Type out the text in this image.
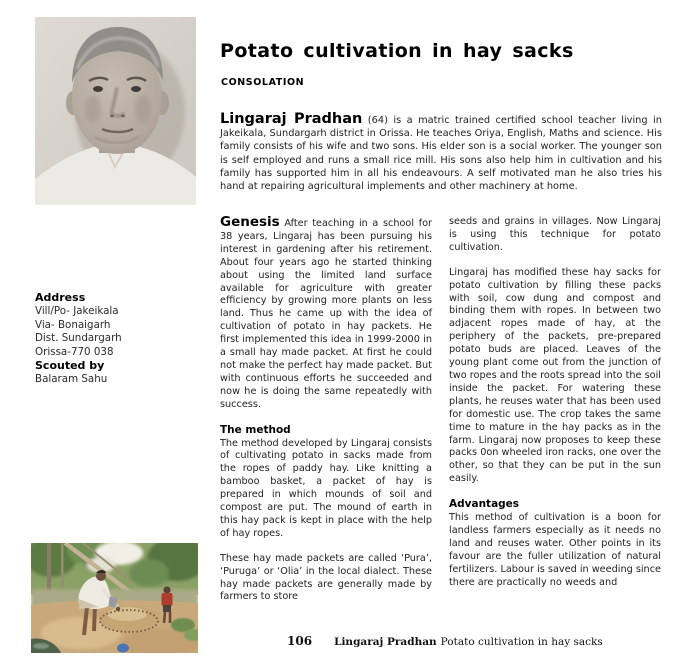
Address
Vill/Po- Jakeikala
Via- Bonaigarh
Dist. Sundargarh
Orissa-770 038
Scouted by
Balaram Sahu
Potato cultivation in hay sacks
CONSOLATION

Lingaraj Pradhan (64) is a matric trained certified school teacher living in Jakeikala, Sundargarh district in Orissa. He teaches Oriya, English, Maths and science. His family consists of his wife and two sons. His elder son is a social worker. The younger son is self employed and runs a small rice mill. His sons also help him in cultivation and his family has supported him in all his endeavours. A self motivated man he also tries his hand at repairing agricultural implements and other machinery at home.

Genesis After teaching in a school for 38 years, Lingaraj has been pursuing his interest in gardening after his retirement. About four years ago he started thinking about using the limited land surface available for agriculture with greater efficiency by growing more plants on less land. Thus he came up with the idea of cultivation of potato in hay packets. He first implemented this idea in 1999-2000 in a small hay made packet. At first he could not make the perfect hay made packet. But with continuous efforts he succeeded and now he is doing the same repeatedly with success.

The method

The method developed by Lingaraj consists of cultivating potato in sacks made from the ropes of paddy hay. Like knitting a bamboo basket, a packet of hay is prepared in which mounds of soil and compost are put. The mound of earth in this hay pack is kept in place with the help of hay ropes.

These hay made packets are called ‘Pura’, ‘Puruga’ or ‘Olia’ in the local dialect. These hay made packets are generally made by farmers to store

seeds and grains in villages. Now Lingaraj is using this technique for potato cultivation.

Lingaraj has modified these hay sacks for potato cultivation by filling these packs with soil, cow dung and compost and binding them with ropes. In between two adjacent ropes made of hay, at the periphery of the packets, pre-prepared potato buds are placed. Leaves of the young plant come out from the junction of two ropes and the roots spread into the soil inside the packet. For watering these plants, he reuses water that has been used for domestic use. The crop takes the same time to mature in the hay packs as in the farm. Lingaraj now proposes to keep these packs 0on wheeled iron racks, one over the other, so that they can be put in the sun easily.

Advantages

This method of cultivation is a boon for landless farmers especially as it needs no land and reuses water. Other points in its favour are the fuller utilization of natural fertilizers. Labour is saved in weeding since there are practically no weeds and

106 Lingaraj Pradhan Potato cultivation in hay sacks
